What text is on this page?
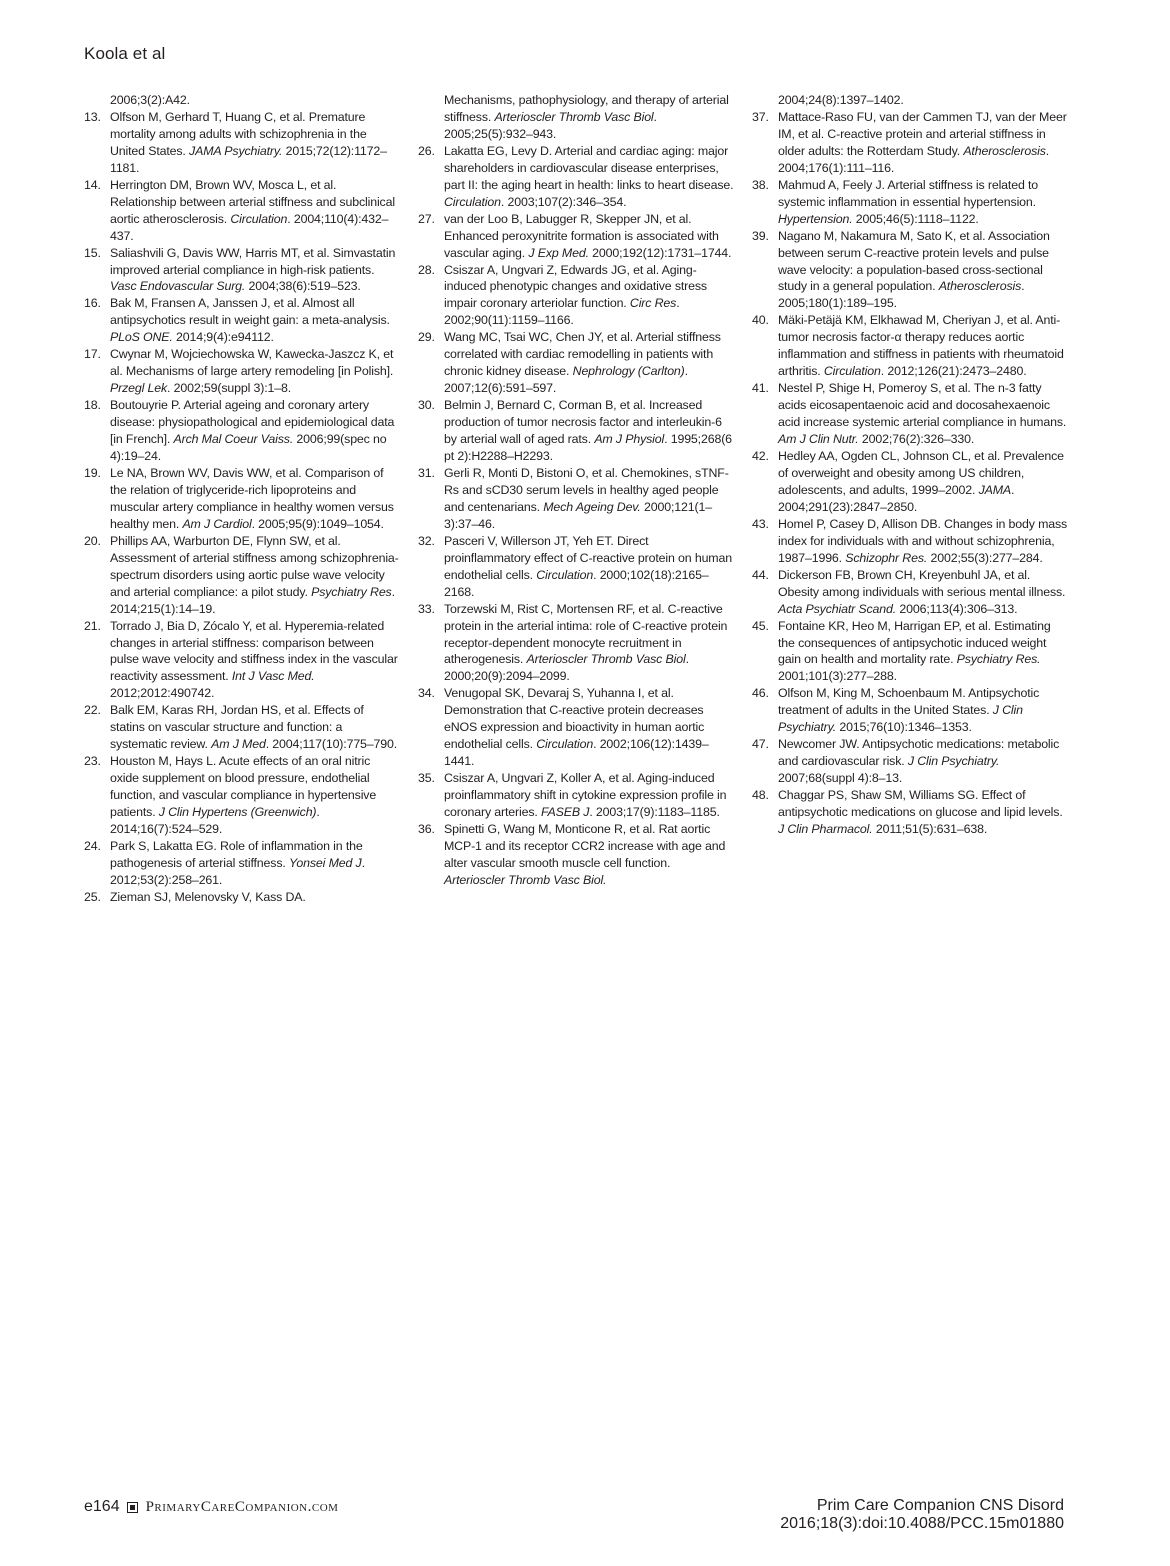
Koola et al
2006;3(2):A42.
13. Olfson M, Gerhard T, Huang C, et al. Premature mortality among adults with schizophrenia in the United States. JAMA Psychiatry. 2015;72(12):1172–1181.
14. Herrington DM, Brown WV, Mosca L, et al. Relationship between arterial stiffness and subclinical aortic atherosclerosis. Circulation. 2004;110(4):432–437.
15. Saliashvili G, Davis WW, Harris MT, et al. Simvastatin improved arterial compliance in high-risk patients. Vasc Endovascular Surg. 2004;38(6):519–523.
16. Bak M, Fransen A, Janssen J, et al. Almost all antipsychotics result in weight gain: a meta-analysis. PLoS ONE. 2014;9(4):e94112.
17. Cwynar M, Wojciechowska W, Kawecka-Jaszcz K, et al. Mechanisms of large artery remodeling [in Polish]. Przegl Lek. 2002;59(suppl 3):1–8.
18. Boutouyrie P. Arterial ageing and coronary artery disease: physiopathological and epidemiological data [in French]. Arch Mal Coeur Vaiss. 2006;99(spec no 4):19–24.
19. Le NA, Brown WV, Davis WW, et al. Comparison of the relation of triglyceride-rich lipoproteins and muscular artery compliance in healthy women versus healthy men. Am J Cardiol. 2005;95(9):1049–1054.
20. Phillips AA, Warburton DE, Flynn SW, et al. Assessment of arterial stiffness among schizophrenia-spectrum disorders using aortic pulse wave velocity and arterial compliance: a pilot study. Psychiatry Res. 2014;215(1):14–19.
21. Torrado J, Bia D, Zócalo Y, et al. Hyperemia-related changes in arterial stiffness: comparison between pulse wave velocity and stiffness index in the vascular reactivity assessment. Int J Vasc Med. 2012;2012:490742.
22. Balk EM, Karas RH, Jordan HS, et al. Effects of statins on vascular structure and function: a systematic review. Am J Med. 2004;117(10):775–790.
23. Houston M, Hays L. Acute effects of an oral nitric oxide supplement on blood pressure, endothelial function, and vascular compliance in hypertensive patients. J Clin Hypertens (Greenwich). 2014;16(7):524–529.
24. Park S, Lakatta EG. Role of inflammation in the pathogenesis of arterial stiffness. Yonsei Med J. 2012;53(2):258–261.
25. Zieman SJ, Melenovsky V, Kass DA.
Mechanisms, pathophysiology, and therapy of arterial stiffness. Arterioscler Thromb Vasc Biol. 2005;25(5):932–943.
26. Lakatta EG, Levy D. Arterial and cardiac aging: major shareholders in cardiovascular disease enterprises, part II: the aging heart in health: links to heart disease. Circulation. 2003;107(2):346–354.
27. van der Loo B, Labugger R, Skepper JN, et al. Enhanced peroxynitrite formation is associated with vascular aging. J Exp Med. 2000;192(12):1731–1744.
28. Csiszar A, Ungvari Z, Edwards JG, et al. Aging-induced phenotypic changes and oxidative stress impair coronary arteriolar function. Circ Res. 2002;90(11):1159–1166.
29. Wang MC, Tsai WC, Chen JY, et al. Arterial stiffness correlated with cardiac remodelling in patients with chronic kidney disease. Nephrology (Carlton). 2007;12(6):591–597.
30. Belmin J, Bernard C, Corman B, et al. Increased production of tumor necrosis factor and interleukin-6 by arterial wall of aged rats. Am J Physiol. 1995;268(6 pt 2):H2288–H2293.
31. Gerli R, Monti D, Bistoni O, et al. Chemokines, sTNF-Rs and sCD30 serum levels in healthy aged people and centenarians. Mech Ageing Dev. 2000;121(1–3):37–46.
32. Pasceri V, Willerson JT, Yeh ET. Direct proinflammatory effect of C-reactive protein on human endothelial cells. Circulation. 2000;102(18):2165–2168.
33. Torzewski M, Rist C, Mortensen RF, et al. C-reactive protein in the arterial intima: role of C-reactive protein receptor-dependent monocyte recruitment in atherogenesis. Arterioscler Thromb Vasc Biol. 2000;20(9):2094–2099.
34. Venugopal SK, Devaraj S, Yuhanna I, et al. Demonstration that C-reactive protein decreases eNOS expression and bioactivity in human aortic endothelial cells. Circulation. 2002;106(12):1439–1441.
35. Csiszar A, Ungvari Z, Koller A, et al. Aging-induced proinflammatory shift in cytokine expression profile in coronary arteries. FASEB J. 2003;17(9):1183–1185.
36. Spinetti G, Wang M, Monticone R, et al. Rat aortic MCP-1 and its receptor CCR2 increase with age and alter vascular smooth muscle cell function. Arterioscler Thromb Vasc Biol.
2004;24(8):1397–1402.
37. Mattace-Raso FU, van der Cammen TJ, van der Meer IM, et al. C-reactive protein and arterial stiffness in older adults: the Rotterdam Study. Atherosclerosis. 2004;176(1):111–116.
38. Mahmud A, Feely J. Arterial stiffness is related to systemic inflammation in essential hypertension. Hypertension. 2005;46(5):1118–1122.
39. Nagano M, Nakamura M, Sato K, et al. Association between serum C-reactive protein levels and pulse wave velocity: a population-based cross-sectional study in a general population. Atherosclerosis. 2005;180(1):189–195.
40. Mäki-Petäjä KM, Elkhawad M, Cheriyan J, et al. Anti-tumor necrosis factor-α therapy reduces aortic inflammation and stiffness in patients with rheumatoid arthritis. Circulation. 2012;126(21):2473–2480.
41. Nestel P, Shige H, Pomeroy S, et al. The n-3 fatty acids eicosapentaenoic acid and docosahexaenoic acid increase systemic arterial compliance in humans. Am J Clin Nutr. 2002;76(2):326–330.
42. Hedley AA, Ogden CL, Johnson CL, et al. Prevalence of overweight and obesity among US children, adolescents, and adults, 1999–2002. JAMA. 2004;291(23):2847–2850.
43. Homel P, Casey D, Allison DB. Changes in body mass index for individuals with and without schizophrenia, 1987–1996. Schizophr Res. 2002;55(3):277–284.
44. Dickerson FB, Brown CH, Kreyenbuhl JA, et al. Obesity among individuals with serious mental illness. Acta Psychiatr Scand. 2006;113(4):306–313.
45. Fontaine KR, Heo M, Harrigan EP, et al. Estimating the consequences of antipsychotic induced weight gain on health and mortality rate. Psychiatry Res. 2001;101(3):277–288.
46. Olfson M, King M, Schoenbaum M. Antipsychotic treatment of adults in the United States. J Clin Psychiatry. 2015;76(10):1346–1353.
47. Newcomer JW. Antipsychotic medications: metabolic and cardiovascular risk. J Clin Psychiatry. 2007;68(suppl 4):8–13.
48. Chaggar PS, Shaw SM, Williams SG. Effect of antipsychotic medications on glucose and lipid levels. J Clin Pharmacol. 2011;51(5):631–638.
e164 PrimaryCareCompanion.com	Prim Care Companion CNS Disord
2016;18(3):doi:10.4088/PCC.15m01880
